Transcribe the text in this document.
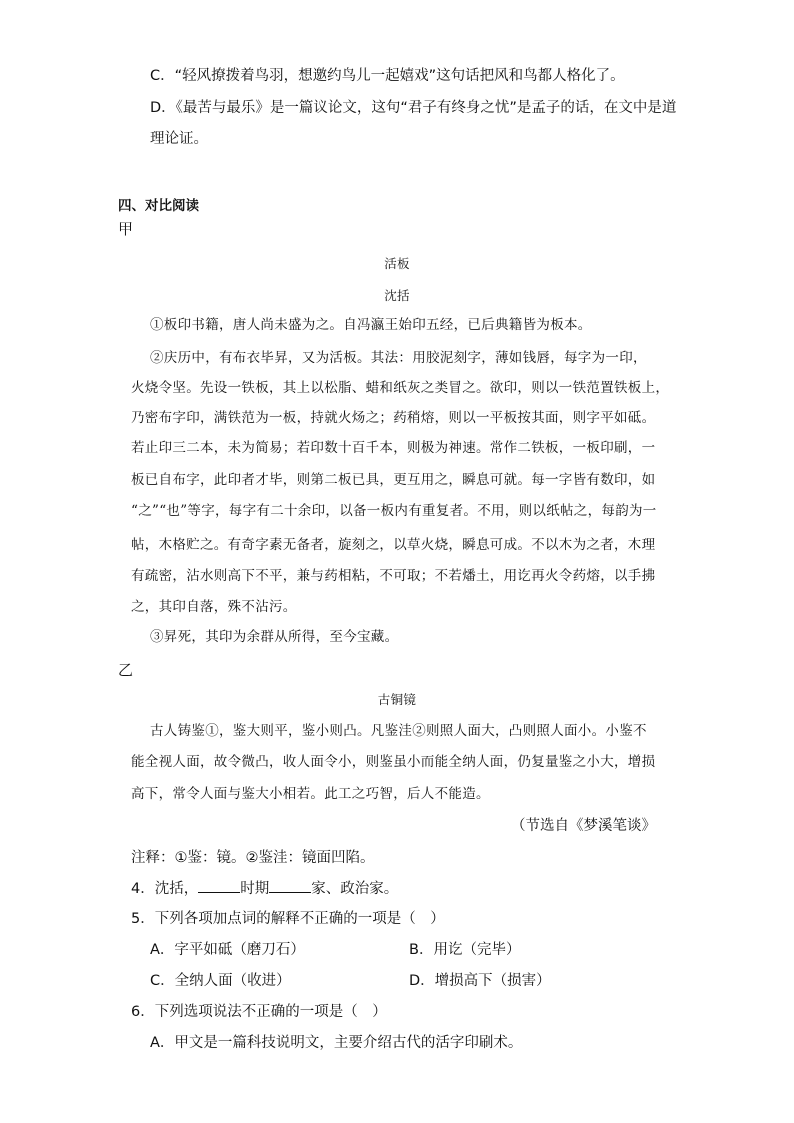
C．“轻风撩拨着鸟羽，想邀约鸟儿一起嬉戏”这句话把风和鸟都人格化了。
D．《最苦与最乐》是一篇议论文，这句“君子有终身之忧”是孟子的话，在文中是道
理论证。
四、对比阅读
甲
活板
沈括
①板印书籍，唐人尚未盛为之。自冯瀛王始印五经，已后典籍皆为板本。
②庆历中，有布衣毕昇，又为活板。其法：用胶泥刻字，薄如钱唇，每字为一印，
火烧令坚。先设一铁板，其上以松脂、蜡和纸灰之类冒之。欲印，则以一铁范置铁板上，
乃密布字印，满铁范为一板，持就火炀之；药稍熔，则以一平板按其面，则字平如砥。
若止印三二本，未为简易；若印数十百千本，则极为神速。常作二铁板，一板印刷，一
板已自布字，此印者才毕，则第二板已具，更互用之，瞬息可就。每一字皆有数印，如
“之”“也”等字，每字有二十余印，以备一板内有重复者。不用，则以纸帖之，每韵为一
帖，木格贮之。有奇字素无备者，旋刻之，以草火烧，瞬息可成。不以木为之者，木理
有疏密，沾水则高下不平，兼与药相粘，不可取；不若燔土，用讫再火令药熔，以手拂
之，其印自落，殊不沾污。
③昇死，其印为余群从所得，至今宝藏。
乙
古铜镜
古人铸鉴①，鉴大则平，鉴小则凸。凡鉴洼②则照人面大，凸则照人面小。小鉴不
能全视人面，故令微凸，收人面令小，则鉴虽小而能全纳人面，仍复量鉴之小大，增损
高下，常令人面与鉴大小相若。此工之巧智，后人不能造。
（节选自《梦溪笔谈》
注释：①鉴：镜。②鉴洼：镜面凹陷。
4．沈括，	时期	家、政治家。
5．下列各项加点词的解释不正确的一项是（　）
A．字平如砥（磨刀石）	B．用讫（完毕）
C．全纳人面（收进）	D．增损高下（损害）
6．下列选项说法不正确的一项是（　）
A．甲文是一篇科技说明文，主要介绍古代的活字印刷术。
